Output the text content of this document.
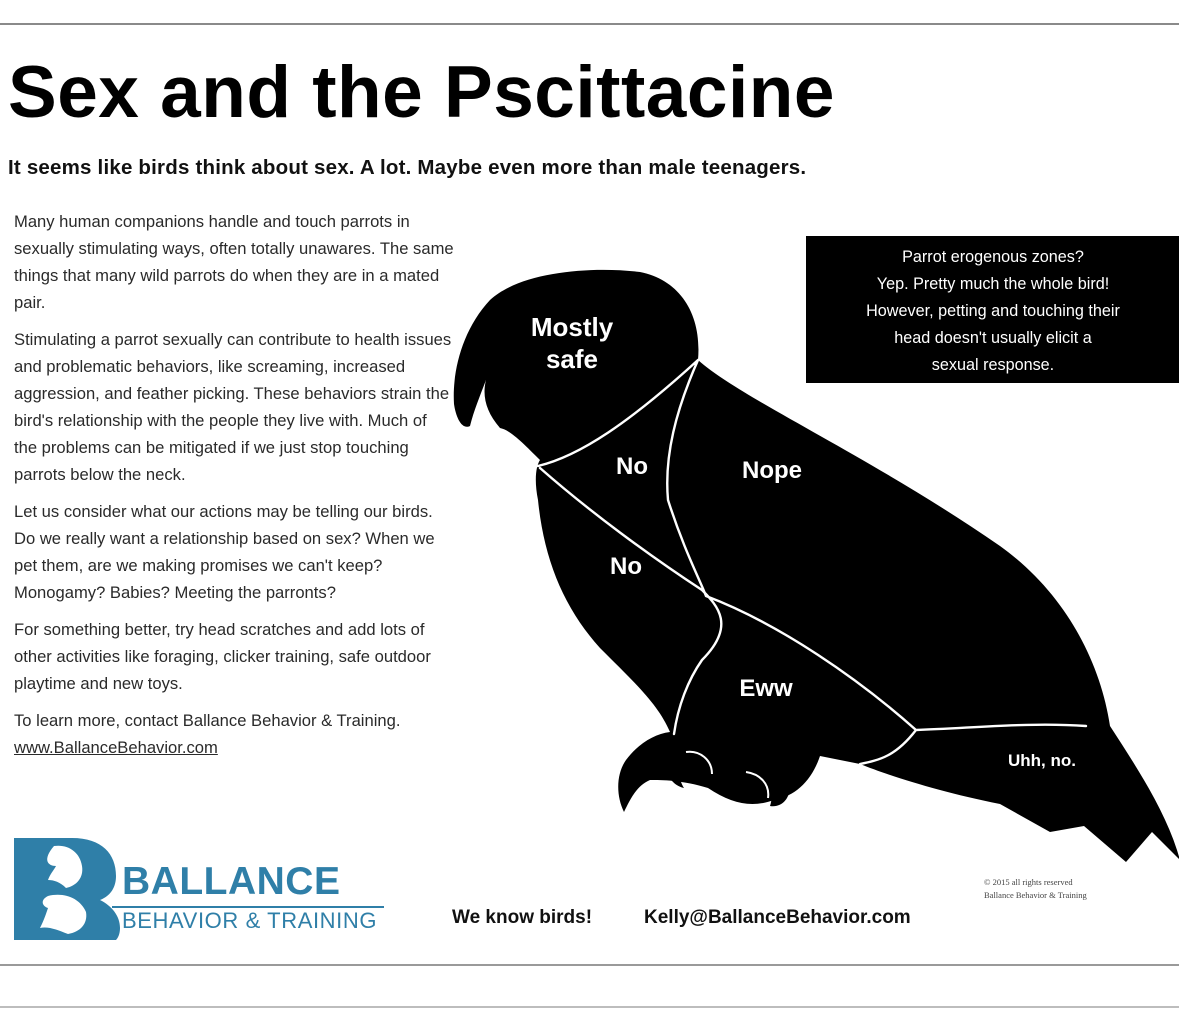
Sex and the Pscittacine
It seems like birds think about sex. A lot. Maybe even more than male teenagers.

Many human companions handle and touch parrots in sexually stimulating ways, often totally unawares. The same things that many wild parrots do when they are in a mated pair.

Stimulating a parrot sexually can contribute to health issues and problematic behaviors, like screaming, increased aggression, and feather picking. These behaviors strain the bird's relationship with the people they live with. Much of the problems can be mitigated if we just stop touching parrots below the neck.

Let us consider what our actions may be telling our birds. Do we really want a relationship based on sex? When we pet them, are we making promises we can't keep? Monogamy? Babies? Meeting the parronts?

For something better, try head scratches and add lots of other activities like foraging, clicker training, safe outdoor playtime and new toys.

To learn more, contact Ballance Behavior & Training.  www.BallanceBehavior.com

Mostly
safe
No	Nope
No
Eww
Uhh, no.
Parrot erogenous zones?
Yep. Pretty much the whole bird!
However, petting and touching their
head doesn't usually elicit a
sexual response.
BALLANCE
BEHAVIOR & TRAINING	We know birds!	Kelly@BallanceBehavior.com
© 2015 all rights reserved
Ballance Behavior & Training
